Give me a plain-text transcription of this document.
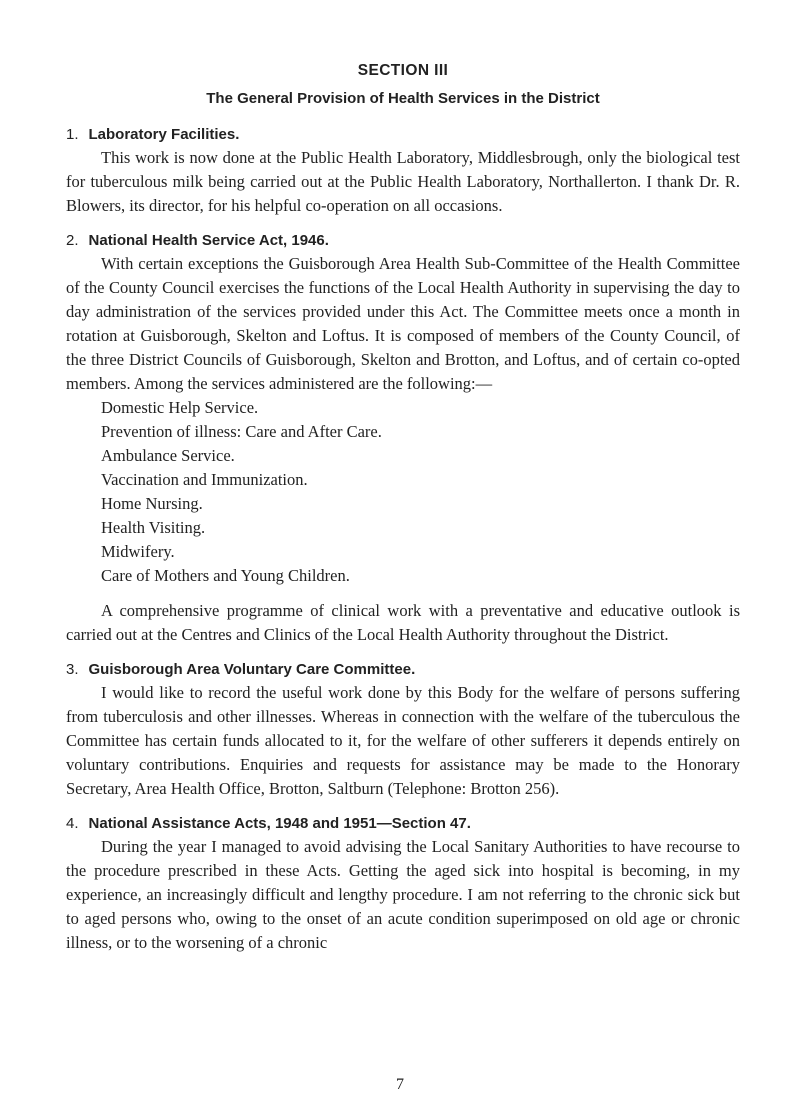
SECTION III
The General Provision of Health Services in the District
1. Laboratory Facilities.

This work is now done at the Public Health Laboratory, Middlesbrough, only the biological test for tuberculous milk being carried out at the Public Health Laboratory, Northallerton. I thank Dr. R. Blowers, its director, for his helpful co-operation on all occasions.

2. National Health Service Act, 1946.

With certain exceptions the Guisborough Area Health Sub-Committee of the Health Committee of the County Council exercises the functions of the Local Health Authority in supervising the day to day administration of the services provided under this Act. The Committee meets once a month in rotation at Guisborough, Skelton and Loftus. It is composed of members of the County Council, of the three District Councils of Guisborough, Skelton and Brotton, and Loftus, and of certain co-opted members. Among the services administered are the following:—

Domestic Help Service.
Prevention of illness: Care and After Care.
Ambulance Service.
Vaccination and Immunization.
Home Nursing.
Health Visiting.
Midwifery.
Care of Mothers and Young Children.

A comprehensive programme of clinical work with a preventative and educative outlook is carried out at the Centres and Clinics of the Local Health Authority throughout the District.

3. Guisborough Area Voluntary Care Committee.

I would like to record the useful work done by this Body for the welfare of persons suffering from tuberculosis and other illnesses. Whereas in connection with the welfare of the tuberculous the Committee has certain funds allocated to it, for the welfare of other sufferers it depends entirely on voluntary contributions. Enquiries and requests for assistance may be made to the Honorary Secretary, Area Health Office, Brotton, Saltburn (Telephone: Brotton 256).

4. National Assistance Acts, 1948 and 1951—Section 47.

During the year I managed to avoid advising the Local Sanitary Authorities to have recourse to the procedure prescribed in these Acts. Getting the aged sick into hospital is becoming, in my experience, an increasingly difficult and lengthy procedure. I am not referring to the chronic sick but to aged persons who, owing to the onset of an acute condition superimposed on old age or chronic illness, or to the worsening of a chronic

7
